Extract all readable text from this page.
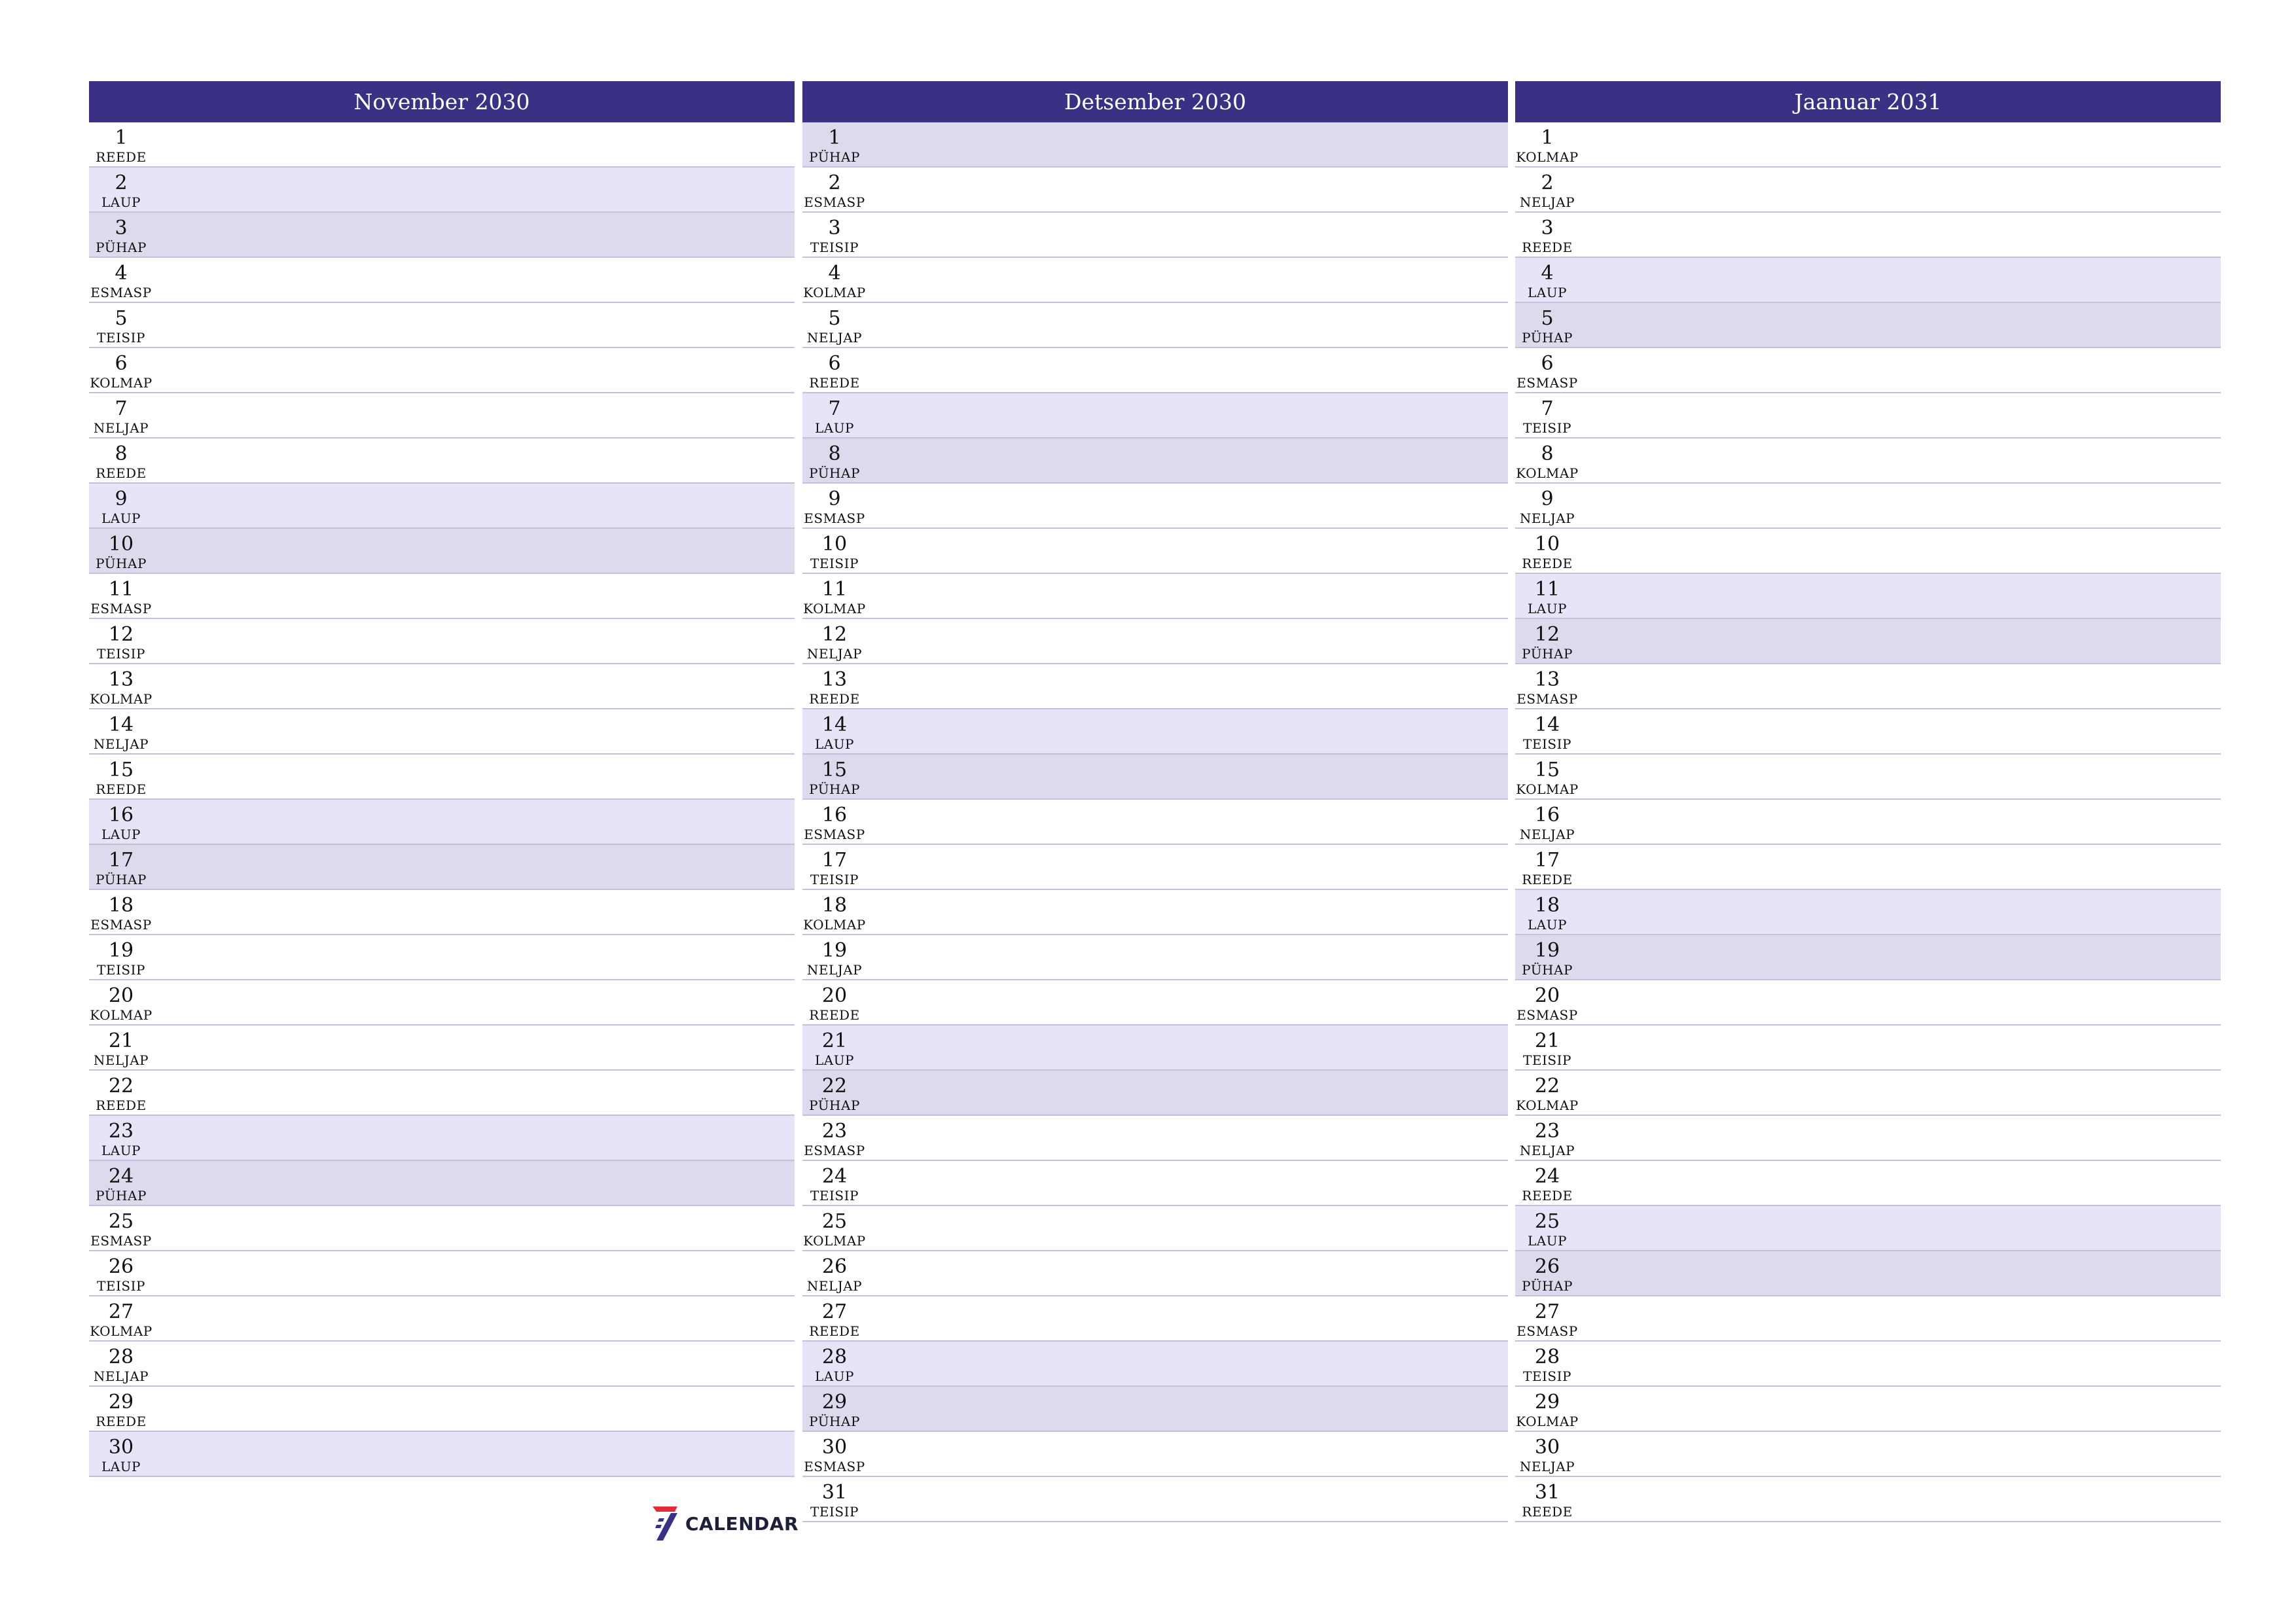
November 2030
1
REEDE
2
LAUP
3
PÜHAP
4
ESMASP
5
TEISIP
6
KOLMAP
7
NELJAP
8
REEDE
9
LAUP
10
PÜHAP
11
ESMASP
12
TEISIP
13
KOLMAP
14
NELJAP
15
REEDE
16
LAUP
17
PÜHAP
18
ESMASP
19
TEISIP
20
KOLMAP
21
NELJAP
22
REEDE
23
LAUP
24
PÜHAP
25
ESMASP
26
TEISIP
27
KOLMAP
28
NELJAP
29
REEDE
30
LAUP
Detsember 2030
1
PÜHAP
2
ESMASP
3
TEISIP
4
KOLMAP
5
NELJAP
6
REEDE
7
LAUP
8
PÜHAP
9
ESMASP
10
TEISIP
11
KOLMAP
12
NELJAP
13
REEDE
14
LAUP
15
PÜHAP
16
ESMASP
17
TEISIP
18
KOLMAP
19
NELJAP
20
REEDE
21
LAUP
22
PÜHAP
23
ESMASP
24
TEISIP
25
KOLMAP
26
NELJAP
27
REEDE
28
LAUP
29
PÜHAP
30
ESMASP
31
TEISIP
Jaanuar 2031
1
KOLMAP
2
NELJAP
3
REEDE
4
LAUP
5
PÜHAP
6
ESMASP
7
TEISIP
8
KOLMAP
9
NELJAP
10
REEDE
11
LAUP
12
PÜHAP
13
ESMASP
14
TEISIP
15
KOLMAP
16
NELJAP
17
REEDE
18
LAUP
19
PÜHAP
20
ESMASP
21
TEISIP
22
KOLMAP
23
NELJAP
24
REEDE
25
LAUP
26
PÜHAP
27
ESMASP
28
TEISIP
29
KOLMAP
30
NELJAP
31
REEDE
CALENDAR
